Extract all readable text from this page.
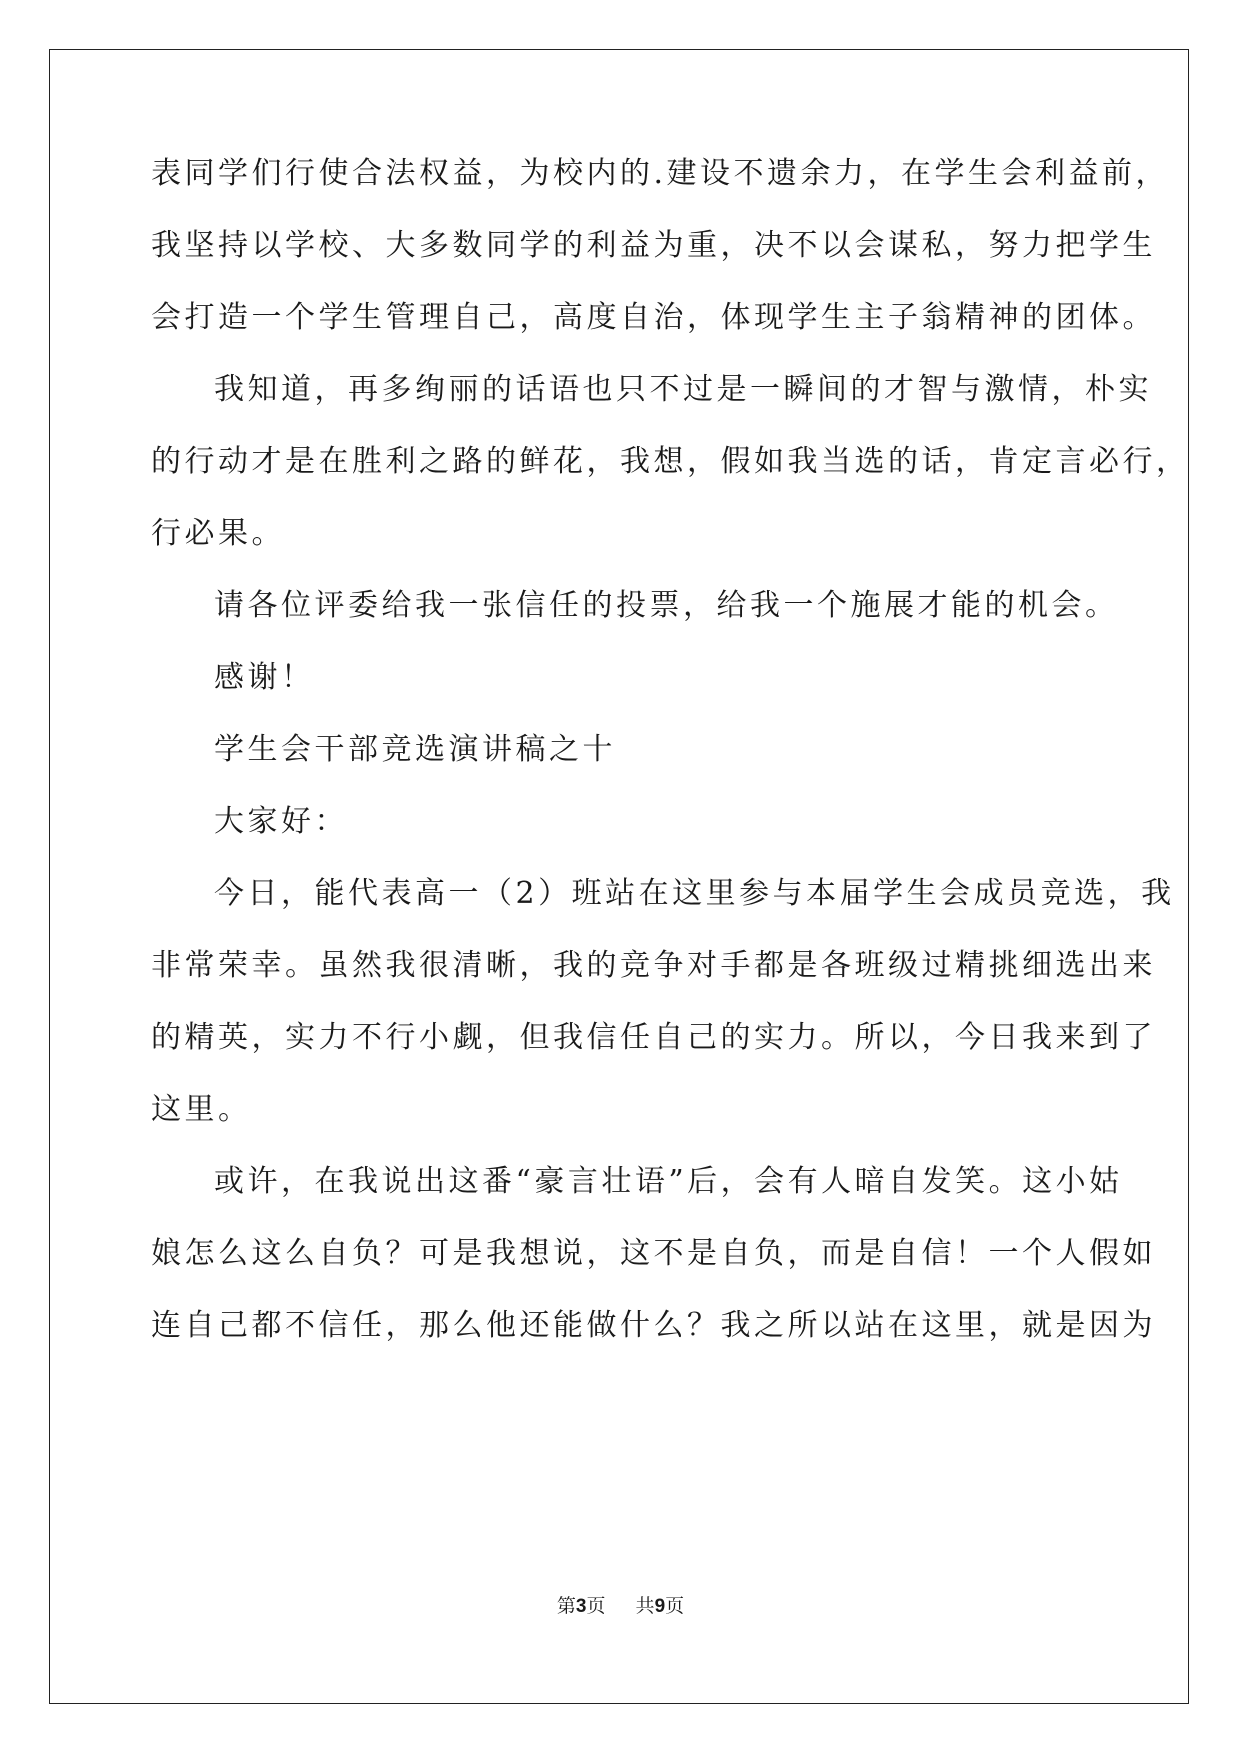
表同学们行使合法权益，为校内的.建设不遗余力，在学生会利益前，
我坚持以学校、大多数同学的利益为重，决不以会谋私，努力把学生
会打造一个学生管理自己，高度自治，体现学生主子翁精神的团体。
我知道，再多绚丽的话语也只不过是一瞬间的才智与激情，朴实
的行动才是在胜利之路的鲜花，我想，假如我当选的话，肯定言必行，
行必果。
请各位评委给我一张信任的投票，给我一个施展才能的机会。
感谢！
学生会干部竞选演讲稿之十
大家好：
今日，能代表高一（2）班站在这里参与本届学生会成员竞选，我
非常荣幸。虽然我很清晰，我的竞争对手都是各班级过精挑细选出来
的精英，实力不行小觑，但我信任自己的实力。所以，今日我来到了
这里。
或许，在我说出这番“豪言壮语”后，会有人暗自发笑。这小姑
娘怎么这么自负？可是我想说，这不是自负，而是自信！一个人假如
连自己都不信任，那么他还能做什么？我之所以站在这里，就是因为
第3页 共9页
